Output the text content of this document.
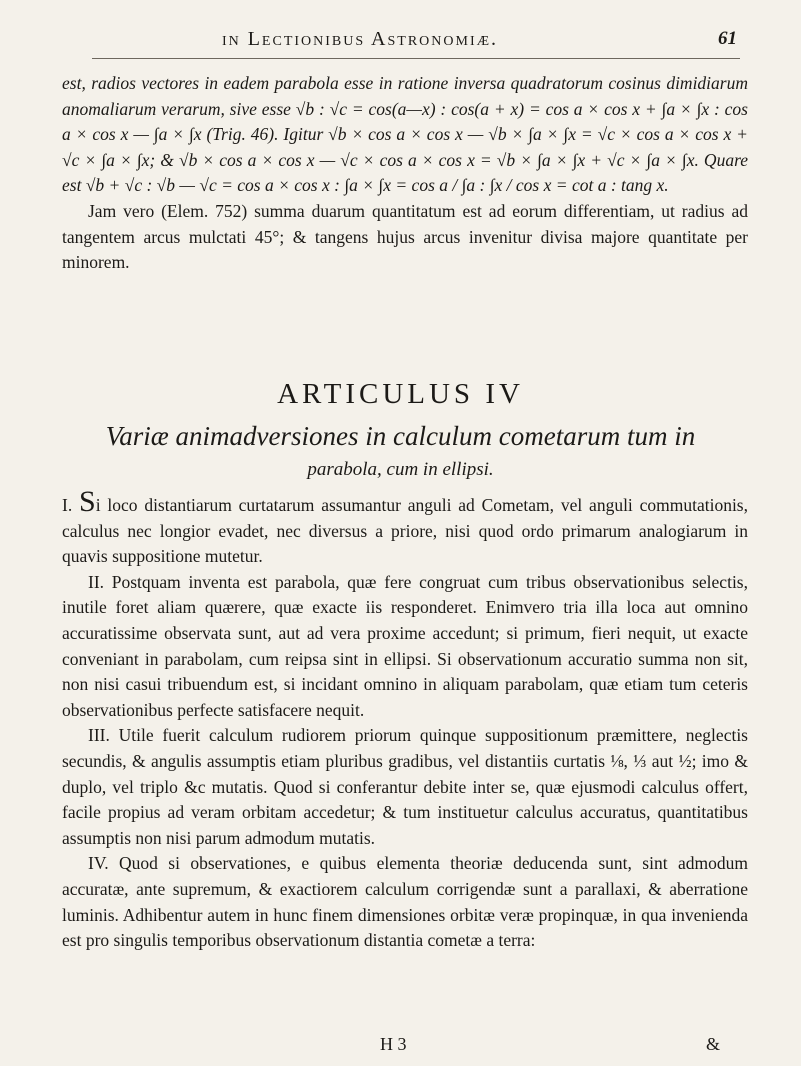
in Lectionibus Astronomiæ.	61

est, radios vectores in eadem parabola esse in ratione inversa quadratorum cosinus dimidiarum anomaliarum verarum, sive esse √b : √c = cos(a—x) : cos(a + x) = cos a × cos x + ∫a × ∫x : cos a × cos x — ∫a × ∫x (Trig. 46). Igitur √b × cos a × cos x — √b × ∫a × ∫x = √c × cos a × cos x + √c × ∫a × ∫x; & √b × cos a × cos x — √c × cos a × cos x = √b × ∫a × ∫x + √c × ∫a × ∫x. Quare est √b + √c : √b — √c = cos a × cos x : ∫a × ∫x = cos a / ∫a : ∫x / cos x = cot a : tang x.

Jam vero (Elem. 752) summa duarum quantitatum est ad eorum differentiam, ut radius ad tangentem arcus mulctati 45°; & tangens hujus arcus invenitur divisa majore quantitate per minorem.

ARTICULUS IV
Variæ animadversiones in calculum cometarum tum in
parabola, cum in ellipsi.

I. Si loco distantiarum curtatarum assumantur anguli ad Cometam, vel anguli commutationis, calculus nec longior evadet, nec diversus a priore, nisi quod ordo primarum analogiarum in quavis suppositione mutetur.

II. Postquam inventa est parabola, quæ fere congruat cum tribus observationibus selectis, inutile foret aliam quærere, quæ exacte iis responderet. Enimvero tria illa loca aut omnino accuratissime observata sunt, aut ad vera proxime accedunt; si primum, fieri nequit, ut exacte conveniant in parabolam, cum reipsa sint in ellipsi. Si observationum accuratio summa non sit, non nisi casui tribuendum est, si incidant omnino in aliquam parabolam, quæ etiam tum ceteris observationibus perfecte satisfacere nequit.

III. Utile fuerit calculum rudiorem priorum quinque suppositionum præmittere, neglectis secundis, & angulis assumptis etiam pluribus gradibus, vel distantiis curtatis ⅛, ⅓ aut ½; imo & duplo, vel triplo &c mutatis. Quod si conferantur debite inter se, quæ ejusmodi calculus offert, facile propius ad veram orbitam accedetur; & tum instituetur calculus accuratus, quantitatibus assumptis non nisi parum admodum mutatis.

IV. Quod si observationes, e quibus elementa theoriæ deducenda sunt, sint admodum accuratæ, ante supremum, & exactiorem calculum corrigendæ sunt a parallaxi, & aberratione luminis. Adhibentur autem in hunc finem dimensiones orbitæ veræ propinquæ, in qua invenienda est pro singulis temporibus observationum distantia cometæ a terra:

H 3	&
